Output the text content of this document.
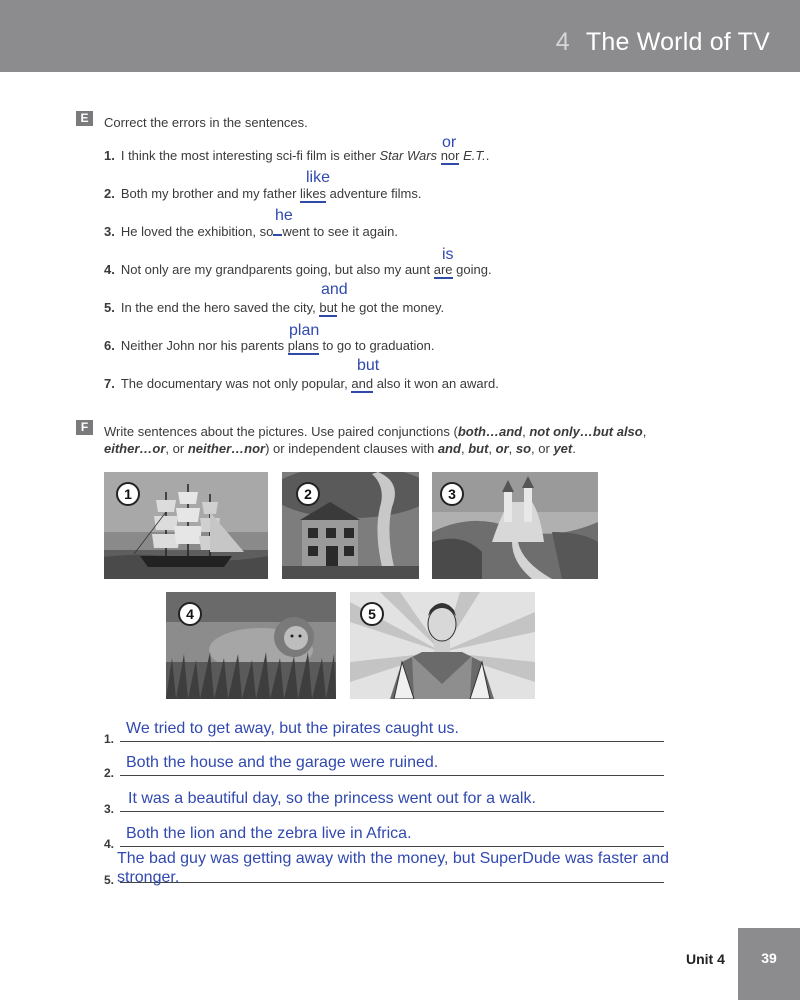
4 The World of TV
E	Correct the errors in the sentences.
or
1. I think the most interesting sci-fi film is either Star Wars nor E.T..
like
2. Both my brother and my father likes adventure films.
he
3. He loved the exhibition, so went to see it again.
is
4. Not only are my grandparents going, but also my aunt are going.
and
5. In the end the hero saved the city, but he got the money.
plan
6. Neither John nor his parents plans to go to graduation.
but
7. The documentary was not only popular, and also it won an award.
F	Write sentences about the pictures. Use paired conjunctions (both…and, not only…but also, either…or, or neither…nor) or independent clauses with and, but, or, so, or yet.
1	2	3
4	5
1.
We tried to get away, but the pirates caught us.
2.
Both the house and the garage were ruined.
3.
It was a beautiful day, so the princess went out for a walk.
4.
Both the lion and the zebra live in Africa.
5.
The bad guy was getting away with the money, but SuperDude was faster and stronger.
Unit 4	39
